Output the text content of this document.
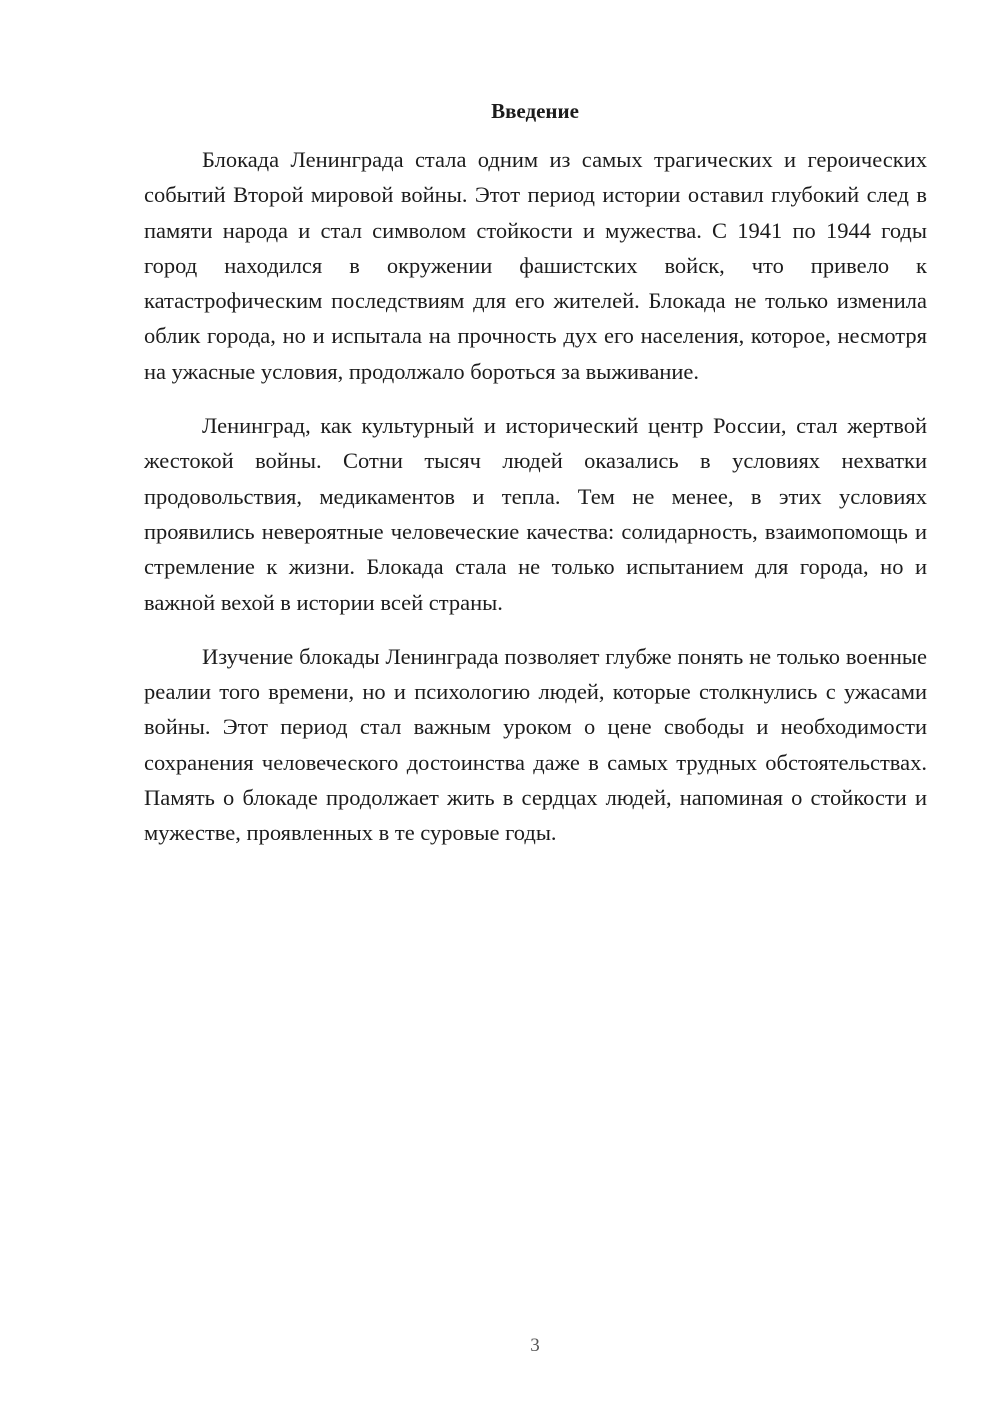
Введение

Блокада Ленинграда стала одним из самых трагических и героических событий Второй мировой войны. Этот период истории оставил глубокий след в памяти народа и стал символом стойкости и мужества. С 1941 по 1944 годы город находился в окружении фашистских войск, что привело к катастрофическим последствиям для его жителей. Блокада не только изменила облик города, но и испытала на прочность дух его населения, которое, несмотря на ужасные условия, продолжало бороться за выживание.

Ленинград, как культурный и исторический центр России, стал жертвой жестокой войны. Сотни тысяч людей оказались в условиях нехватки продовольствия, медикаментов и тепла. Тем не менее, в этих условиях проявились невероятные человеческие качества: солидарность, взаимопомощь и стремление к жизни. Блокада стала не только испытанием для города, но и важной вехой в истории всей страны.

Изучение блокады Ленинграда позволяет глубже понять не только военные реалии того времени, но и психологию людей, которые столкнулись с ужасами войны. Этот период стал важным уроком о цене свободы и необходимости сохранения человеческого достоинства даже в самых трудных обстоятельствах. Память о блокаде продолжает жить в сердцах людей, напоминая о стойкости и мужестве, проявленных в те суровые годы.

3
